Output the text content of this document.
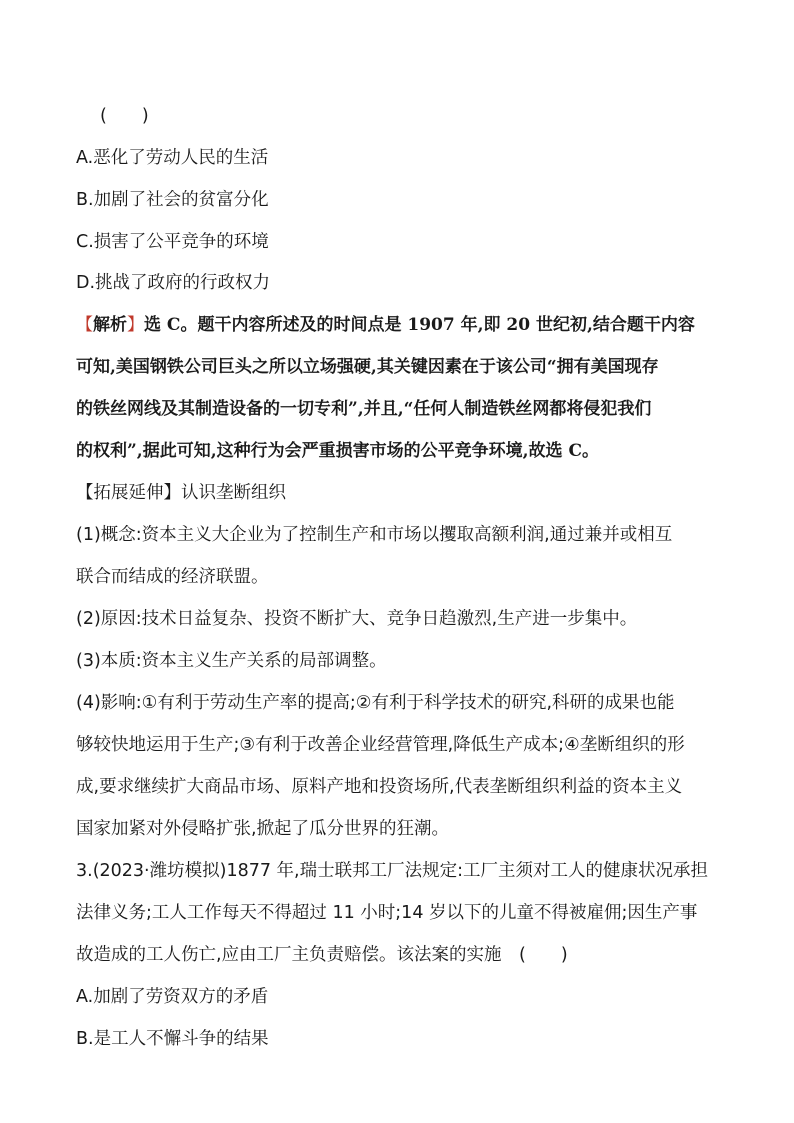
(　　)
A.恶化了劳动人民的生活
B.加剧了社会的贫富分化
C.损害了公平竞争的环境
D.挑战了政府的行政权力
【解析】选 C。题干内容所述及的时间点是 1907 年,即 20 世纪初,结合题干内容
可知,美国钢铁公司巨头之所以立场强硬,其关键因素在于该公司“拥有美国现存
的铁丝网线及其制造设备的一切专利”,并且,“任何人制造铁丝网都将侵犯我们
的权利”,据此可知,这种行为会严重损害市场的公平竞争环境,故选 C。
【拓展延伸】认识垄断组织
(1)概念:资本主义大企业为了控制生产和市场以攫取高额利润,通过兼并或相互
联合而结成的经济联盟。
(2)原因:技术日益复杂、投资不断扩大、竞争日趋激烈,生产进一步集中。
(3)本质:资本主义生产关系的局部调整。
(4)影响:①有利于劳动生产率的提高;②有利于科学技术的研究,科研的成果也能
够较快地运用于生产;③有利于改善企业经营管理,降低生产成本;④垄断组织的形
成,要求继续扩大商品市场、原料产地和投资场所,代表垄断组织利益的资本主义
国家加紧对外侵略扩张,掀起了瓜分世界的狂潮。
3.(2023·潍坊模拟)1877 年,瑞士联邦工厂法规定:工厂主须对工人的健康状况承担
法律义务;工人工作每天不得超过 11 小时;14 岁以下的儿童不得被雇佣;因生产事
故造成的工人伤亡,应由工厂主负责赔偿。该法案的实施　(　　)
A.加剧了劳资双方的矛盾
B.是工人不懈斗争的结果
